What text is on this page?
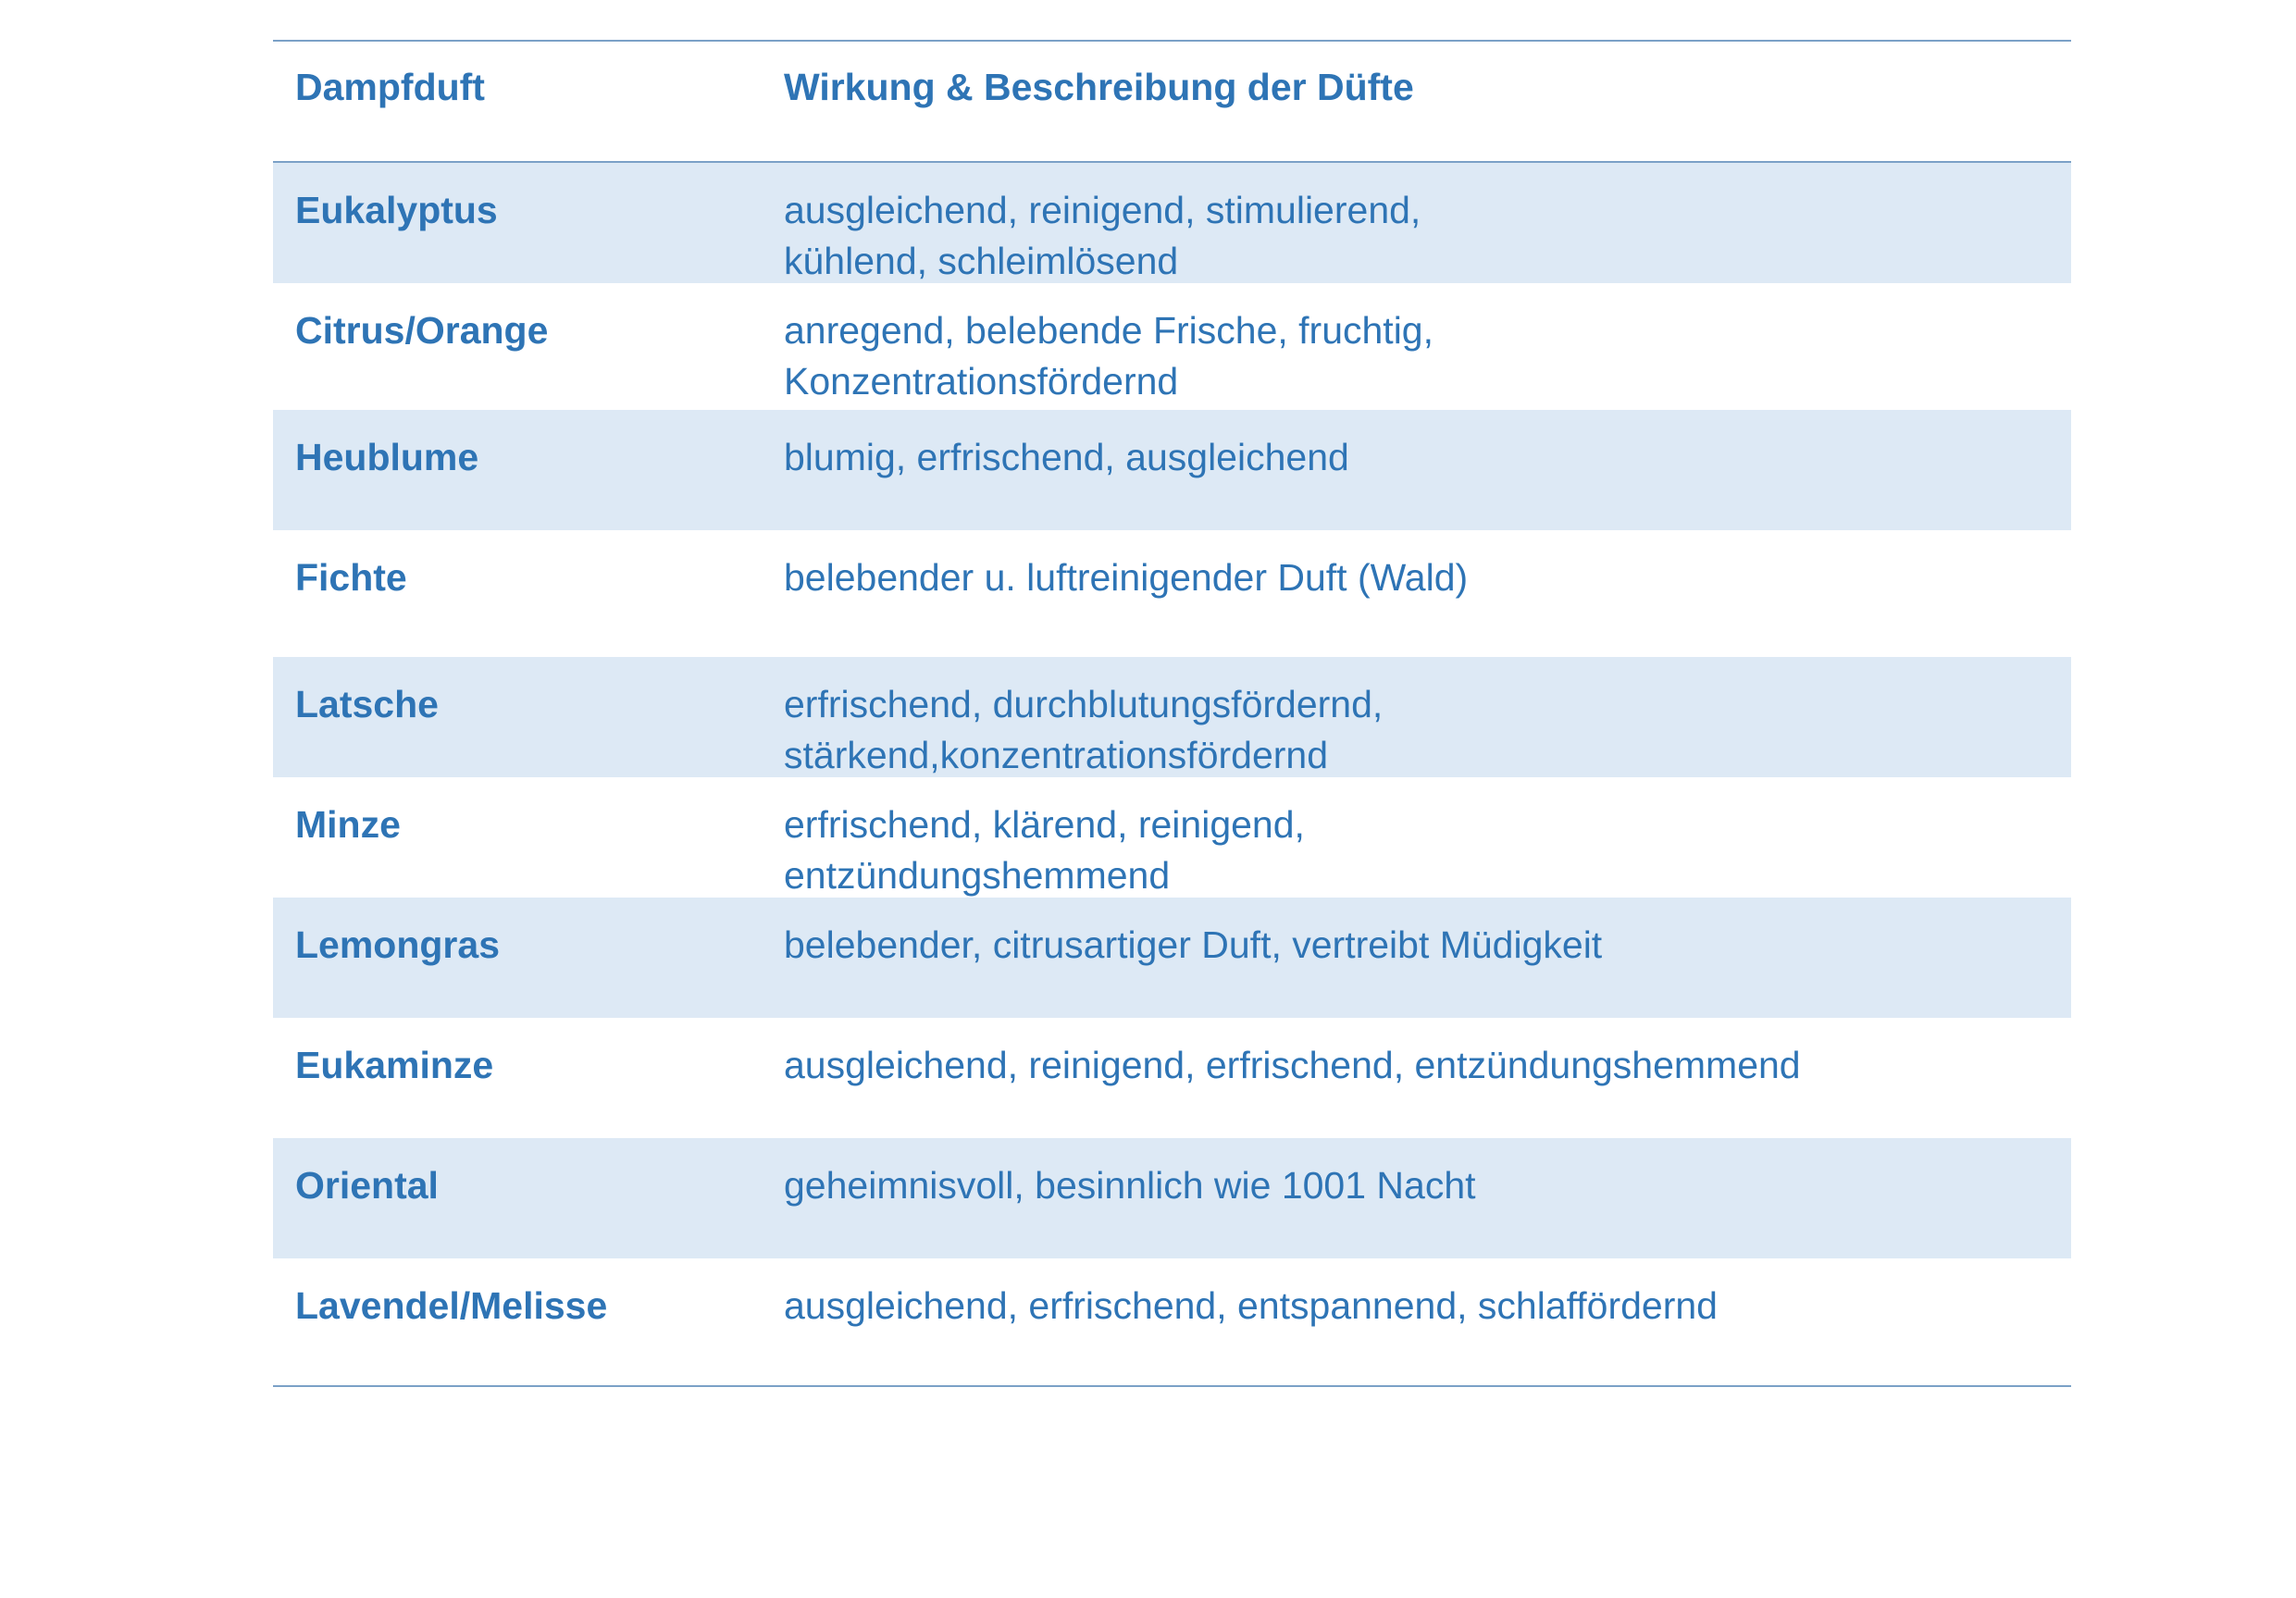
Dampfduft	Wirkung & Beschreibung der Düfte
Eukalyptus	ausgleichend, reinigend, stimulierend,
kühlend, schleimlösend
Citrus/Orange	anregend, belebende Frische, fruchtig,
Konzentrationsfördernd
Heublume	blumig, erfrischend, ausgleichend
Fichte	belebender u. luftreinigender Duft (Wald)
Latsche	erfrischend, durchblutungsfördernd,
stärkend,konzentrationsfördernd
Minze	erfrischend, klärend, reinigend,
entzündungshemmend
Lemongras	belebender, citrusartiger Duft, vertreibt Müdigkeit
Eukaminze	ausgleichend, reinigend, erfrischend, entzündungshemmend
Oriental	geheimnisvoll, besinnlich wie 1001 Nacht
Lavendel/Melisse	ausgleichend, erfrischend, entspannend, schlaffördernd
